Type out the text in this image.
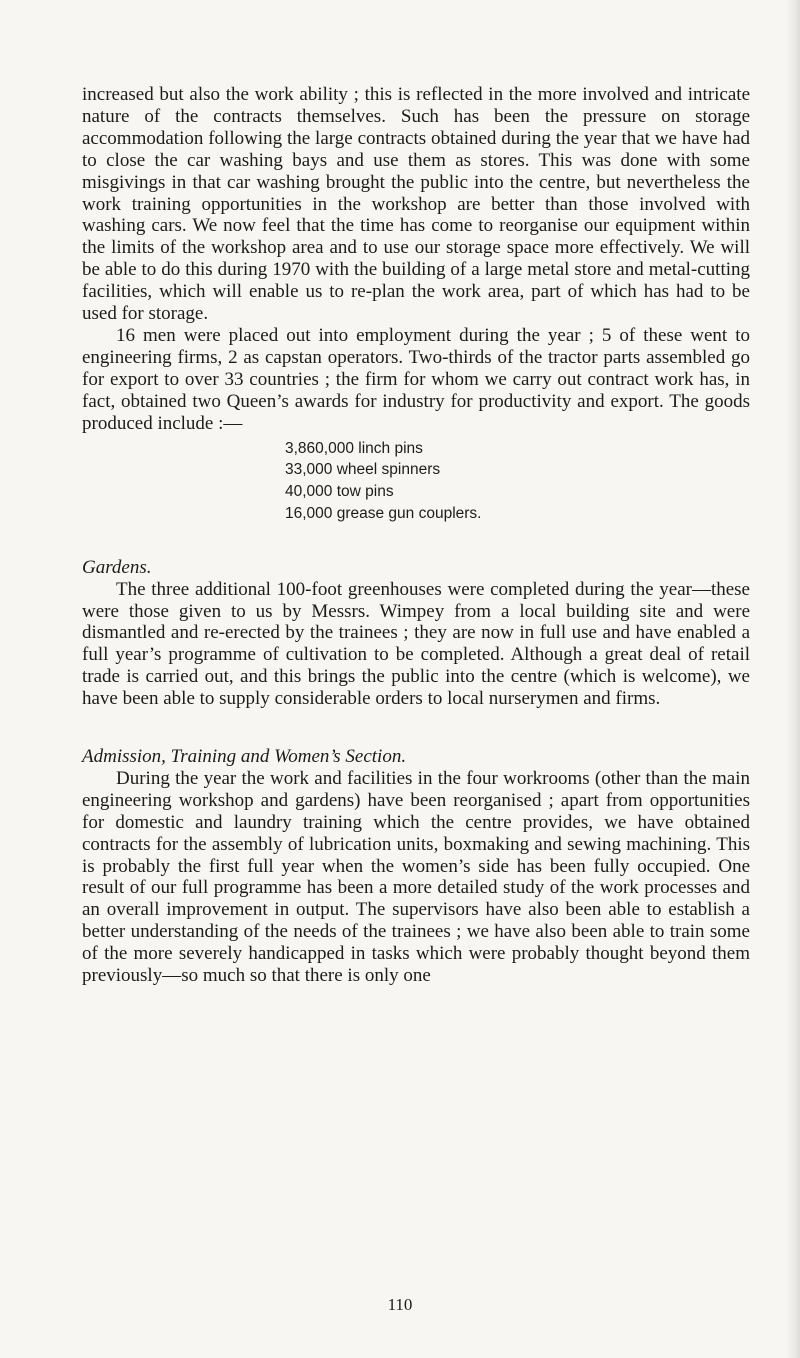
increased but also the work ability ; this is reflected in the more involved and intricate nature of the contracts themselves. Such has been the pressure on storage accommodation following the large contracts obtained during the year that we have had to close the car washing bays and use them as stores. This was done with some misgivings in that car washing brought the public into the centre, but nevertheless the work training opportunities in the workshop are better than those involved with washing cars. We now feel that the time has come to reorganise our equipment within the limits of the workshop area and to use our storage space more effectively. We will be able to do this during 1970 with the building of a large metal store and metal-cutting facilities, which will enable us to re-plan the work area, part of which has had to be used for storage.

16 men were placed out into employment during the year ; 5 of these went to engineering firms, 2 as capstan operators. Two-thirds of the tractor parts assembled go for export to over 33 countries ; the firm for whom we carry out contract work has, in fact, obtained two Queen’s awards for industry for productivity and export. The goods produced include :—

3,860,000 linch pins
33,000 wheel spinners
40,000 tow pins
16,000 grease gun couplers.
Gardens.

The three additional 100-foot greenhouses were completed during the year—these were those given to us by Messrs. Wimpey from a local building site and were dismantled and re-erected by the trainees ; they are now in full use and have enabled a full year’s programme of cultivation to be completed. Although a great deal of retail trade is carried out, and this brings the public into the centre (which is welcome), we have been able to supply considerable orders to local nurserymen and firms.

Admission, Training and Women’s Section.

During the year the work and facilities in the four workrooms (other than the main engineering workshop and gardens) have been reorganised ; apart from opportunities for domestic and laundry training which the centre provides, we have obtained contracts for the assembly of lubrication units, boxmaking and sewing machining. This is probably the first full year when the women’s side has been fully occupied. One result of our full programme has been a more detailed study of the work processes and an overall improvement in output. The supervisors have also been able to establish a better understanding of the needs of the trainees ; we have also been able to train some of the more severely handicapped in tasks which were probably thought beyond them previously—so much so that there is only one

110
